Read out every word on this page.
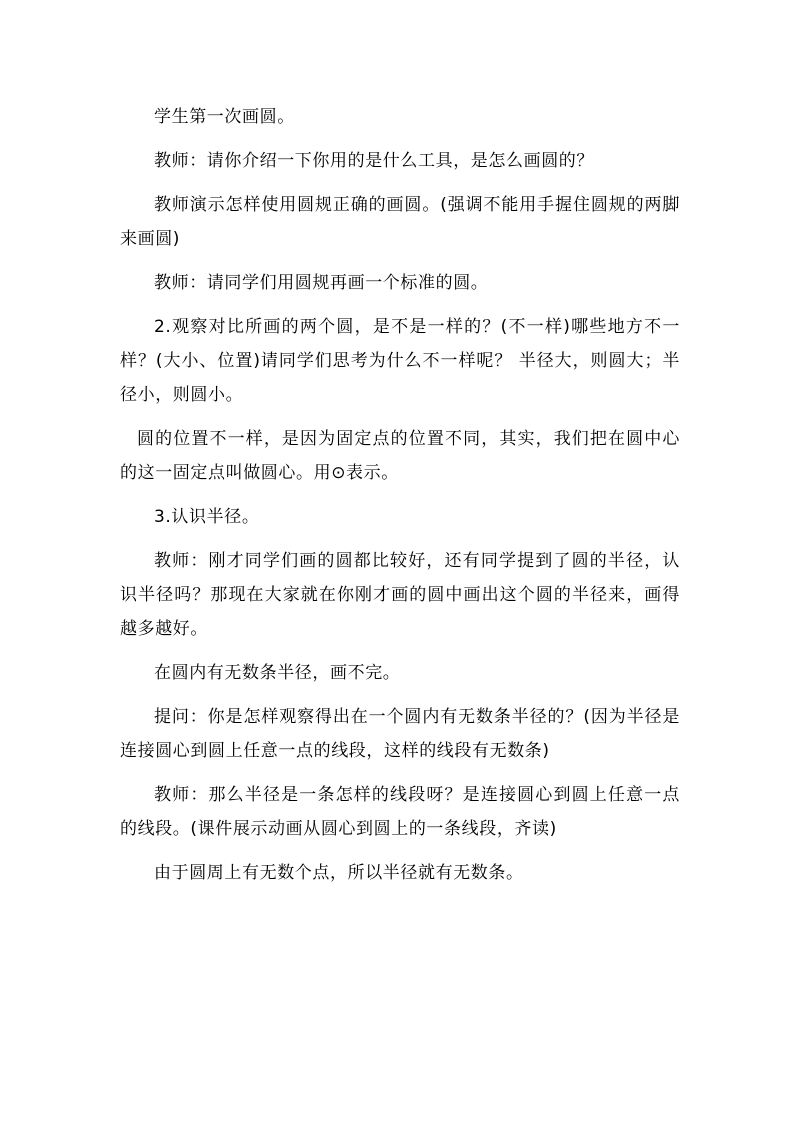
学生第一次画圆。

教师：请你介绍一下你用的是什么工具，是怎么画圆的？

教师演示怎样使用圆规正确的画圆。(强调不能用手握住圆规的两脚来画圆)

教师：请同学们用圆规再画一个标准的圆。

2.观察对比所画的两个圆，是不是一样的？(不一样)哪些地方不一样？(大小、位置)请同学们思考为什么不一样呢？ 半径大，则圆大；半径小，则圆小。

圆的位置不一样，是因为固定点的位置不同，其实，我们把在圆中心的这一固定点叫做圆心。用⊙表示。

3.认识半径。

教师：刚才同学们画的圆都比较好，还有同学提到了圆的半径，认识半径吗？那现在大家就在你刚才画的圆中画出这个圆的半径来，画得越多越好。

在圆内有无数条半径，画不完。

提问：你是怎样观察得出在一个圆内有无数条半径的？(因为半径是连接圆心到圆上任意一点的线段，这样的线段有无数条)

教师：那么半径是一条怎样的线段呀？是连接圆心到圆上任意一点的线段。(课件展示动画从圆心到圆上的一条线段，齐读)

由于圆周上有无数个点，所以半径就有无数条。
